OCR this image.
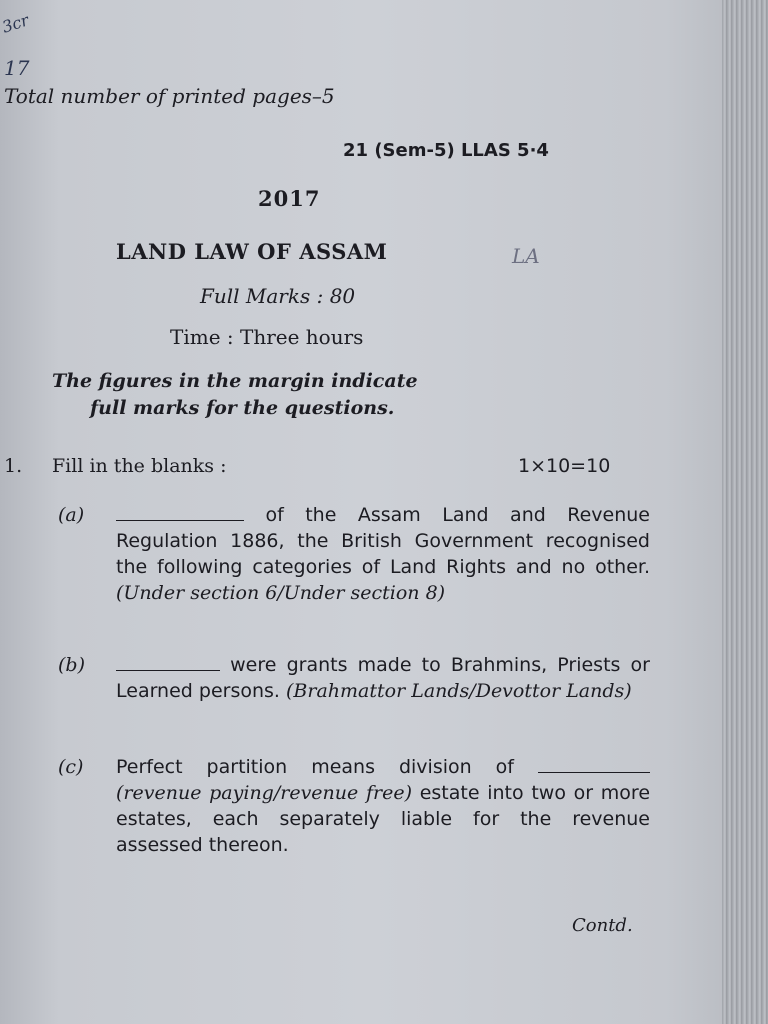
3cr
17
LA
Total number of printed pages–5
21 (Sem-5) LLAS 5·4
2017
LAND LAW OF ASSAM
Full Marks : 80
Time : Three hours
The figures in the margin indicate
full marks for the questions.
1. Fill in the blanks :	1×10=10
(a)	of the Assam Land and Revenue Regulation 1886, the British Government recognised the following categories of Land Rights and no other. (Under section 6/Under section 8)
(b)	were grants made to Brahmins, Priests or Learned persons. (Brahmattor Lands/Devottor Lands)
(c) Perfect partition means division of  (revenue paying/revenue free) estate into two or more estates, each separately liable for the revenue assessed thereon.
Contd.
